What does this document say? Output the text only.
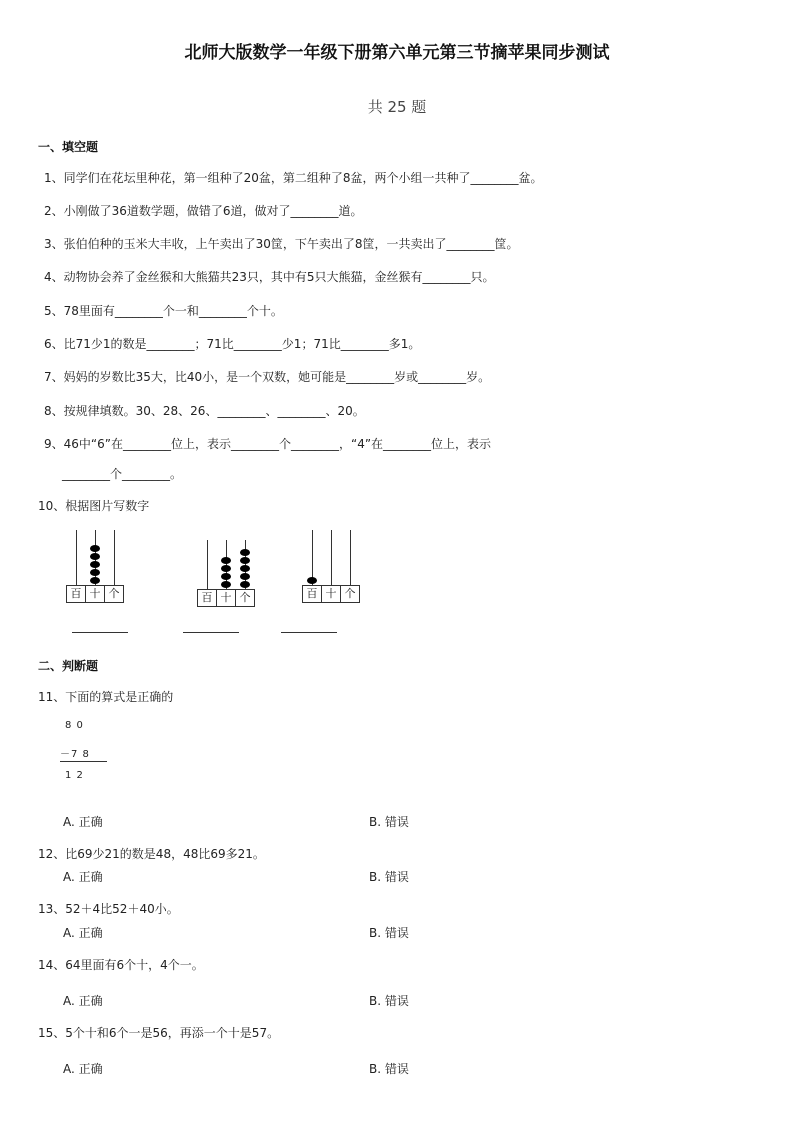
北师大版数学一年级下册第六单元第三节摘苹果同步测试
共 25 题
一、填空题
1、同学们在花坛里种花，第一组种了20盆，第二组种了8盆，两个小组一共种了________盆。
2、小刚做了36道数学题，做错了6道，做对了________道。
3、张伯伯种的玉米大丰收，上午卖出了30筐，下午卖出了8筐，一共卖出了________筐。
4、动物协会养了金丝猴和大熊猫共23只，其中有5只大熊猫，金丝猴有________只。
5、78里面有________个一和________个十。
6、比71少1的数是________；71比________少1；71比________多1。
7、妈妈的岁数比35大，比40小，是一个双数，她可能是________岁或________岁。
8、按规律填数。30、28、26、________、________、20。
9、46中“6”在________位上，表示________个________，“4”在________位上，表示
________个________。
10、根据图片写数字
百 十 个	百 十 个	百 十 个
二、判断题
11、下面的算式是正确的
8 0
－7 8
1 2
A. 正确	B. 错误
12、比69少21的数是48，48比69多21。
A. 正确	B. 错误
13、52＋4比52＋40小。
A. 正确	B. 错误
14、64里面有6个十，4个一。
A. 正确	B. 错误
15、5个十和6个一是56，再添一个十是57。
A. 正确	B. 错误
